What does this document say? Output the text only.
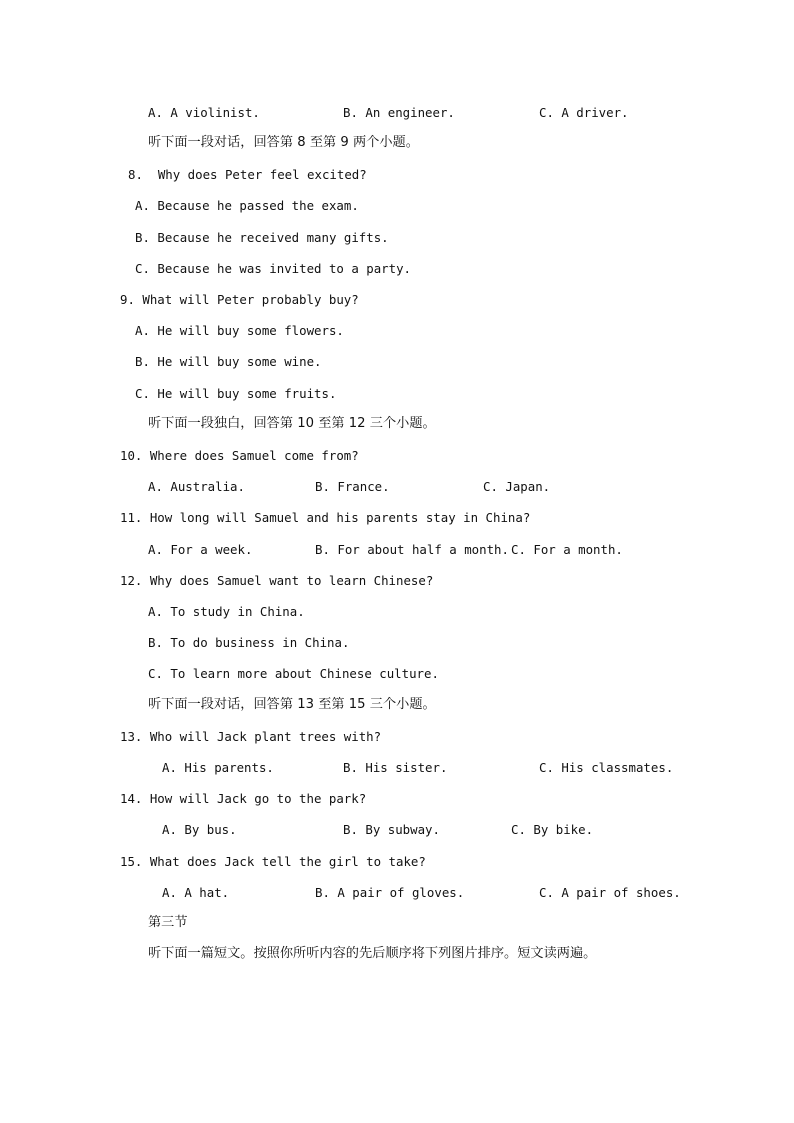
A. A violinist.	B. An engineer.	C. A driver.
听下面一段对话，回答第 8 至第 9 两个小题。
8.  Why does Peter feel excited?
A. Because he passed the exam.
B. Because he received many gifts.
C. Because he was invited to a party.
9. What will Peter probably buy?
A. He will buy some flowers.
B. He will buy some wine.
C. He will buy some fruits.
听下面一段独白，回答第 10 至第 12 三个小题。
10. Where does Samuel come from?
A. Australia.	B. France.	C. Japan.
11. How long will Samuel and his parents stay in China?
A. For a week.	B. For about half a month. C. For a month.
12. Why does Samuel want to learn Chinese?
A. To study in China.
B. To do business in China.
C. To learn more about Chinese culture.
听下面一段对话，回答第 13 至第 15 三个小题。
13. Who will Jack plant trees with?
A. His parents.	B. His sister.	C. His classmates.
14. How will Jack go to the park?
A. By bus.	B. By subway.	C. By bike.
15. What does Jack tell the girl to take?
A. A hat.	B. A pair of gloves.	C. A pair of shoes.
第三节
听下面一篇短文。按照你所听内容的先后顺序将下列图片排序。短文读两遍。
